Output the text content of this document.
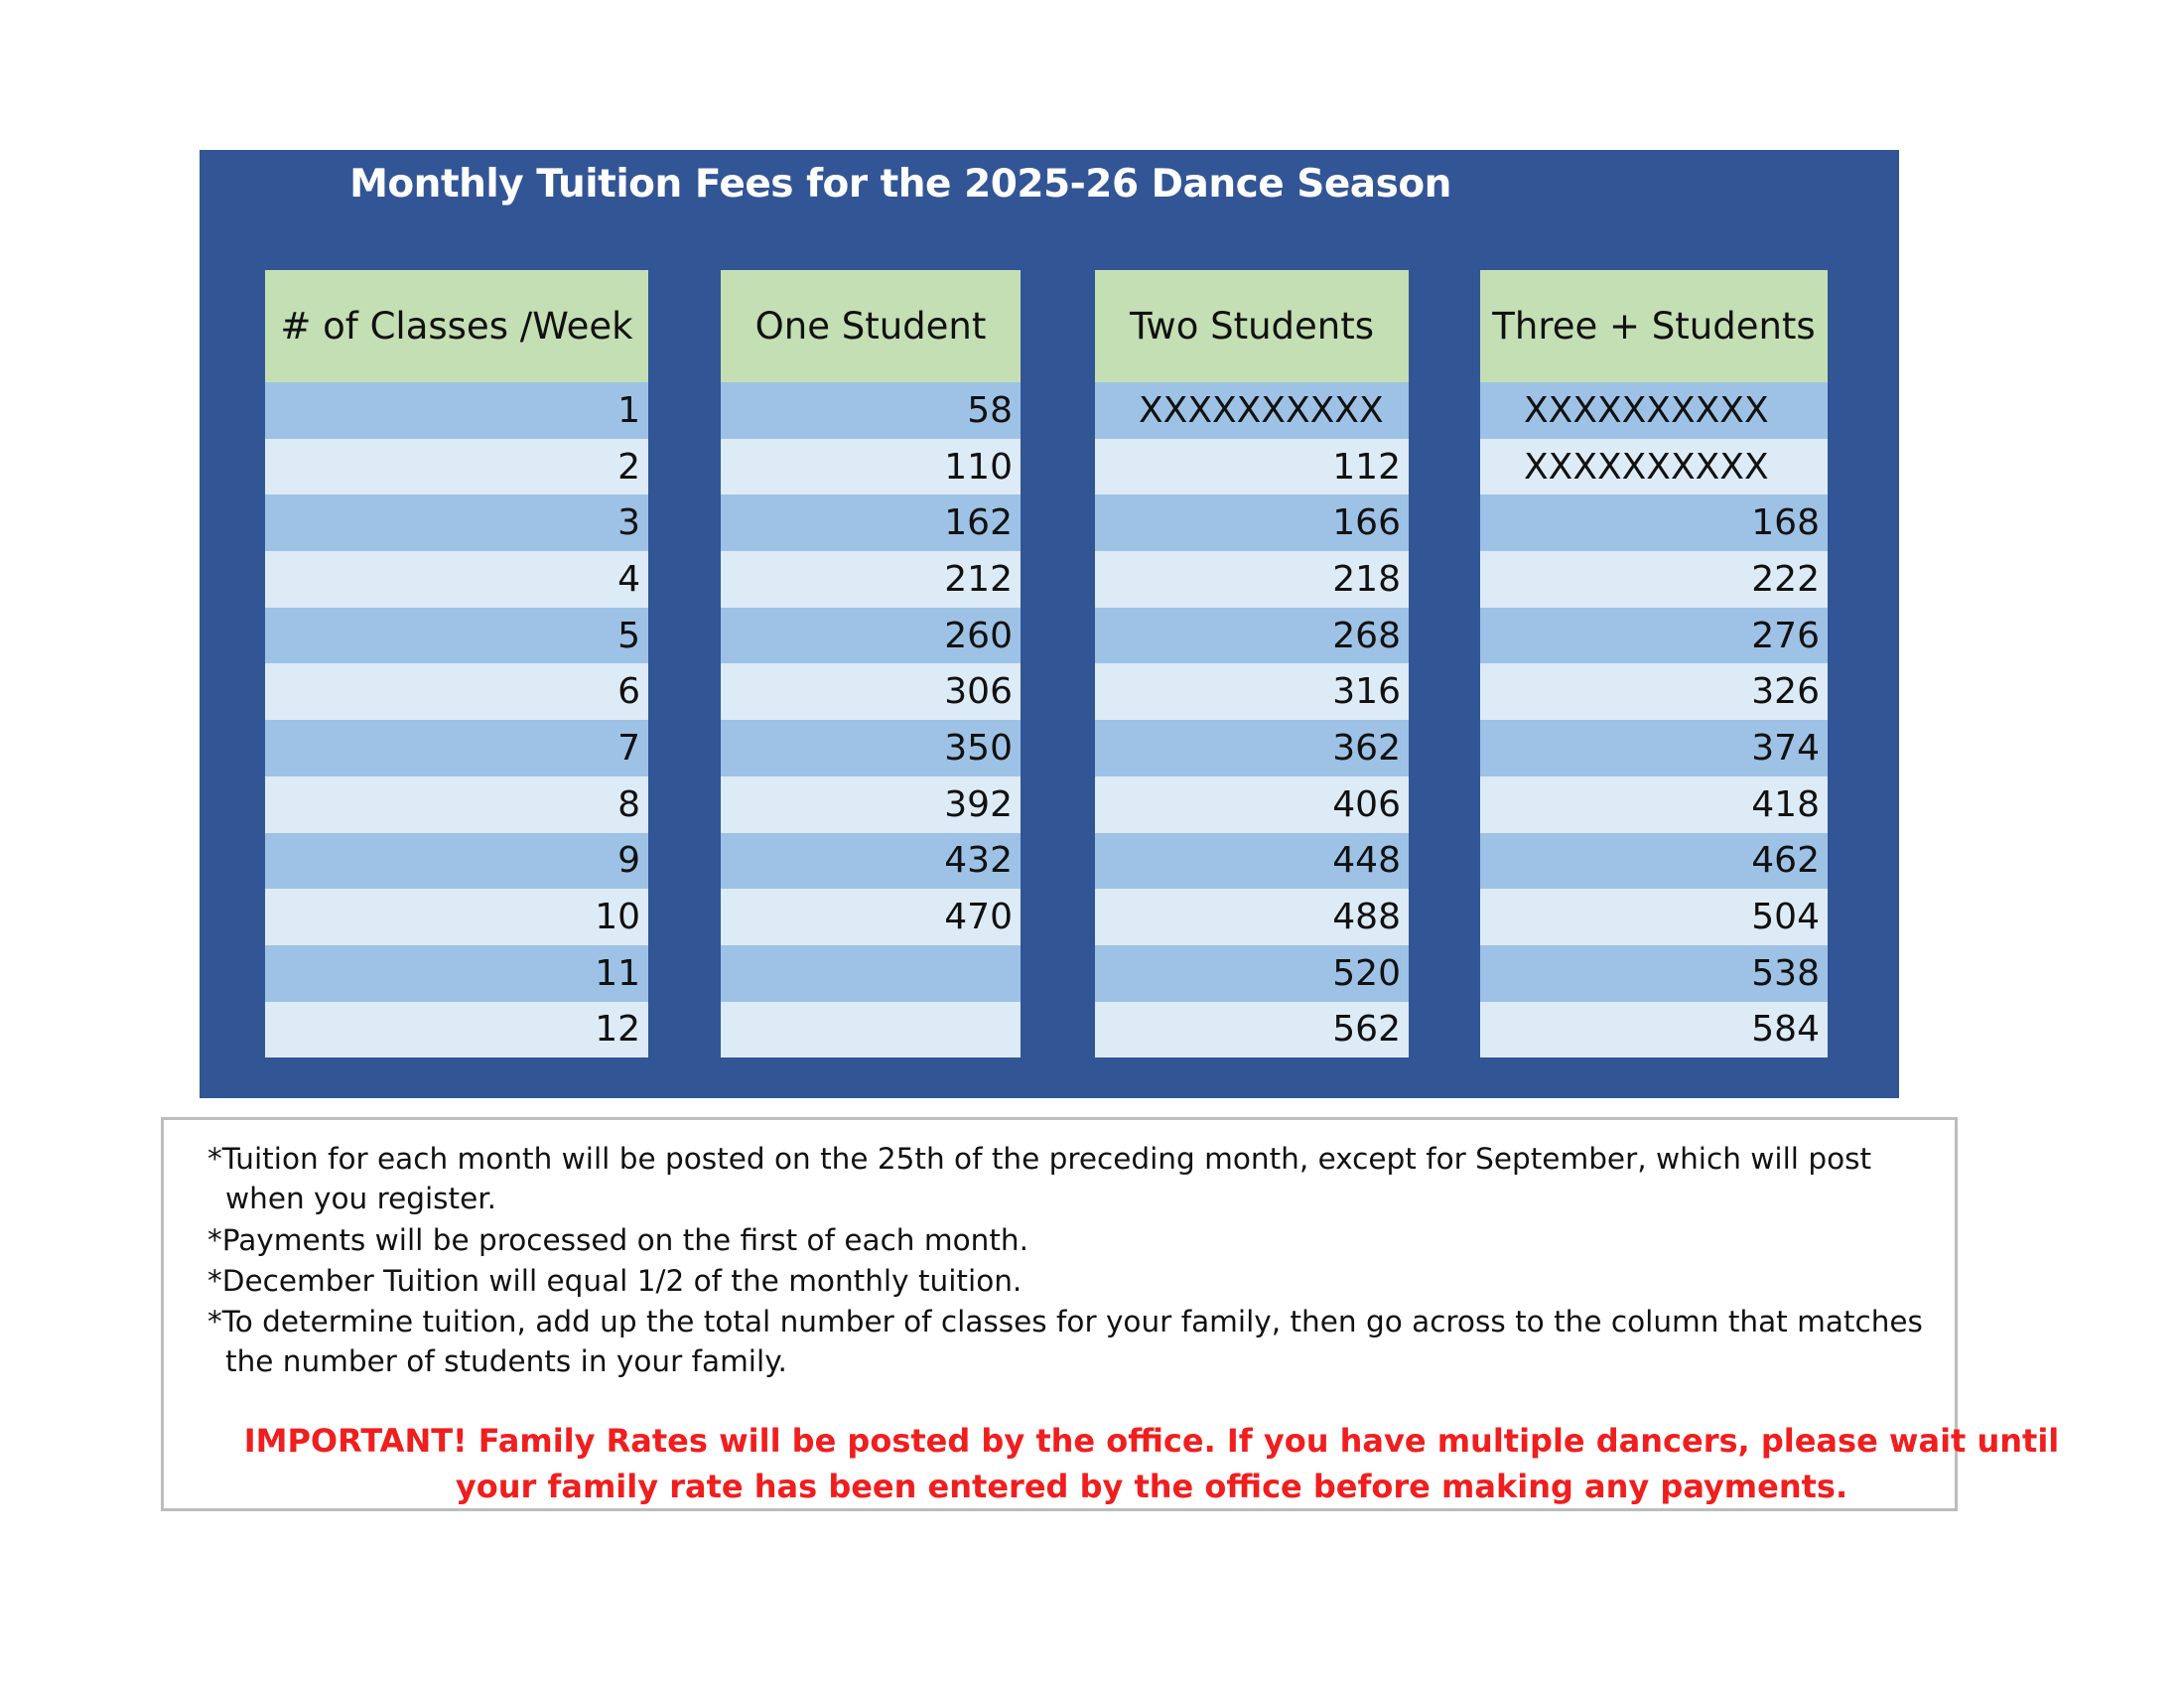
Monthly Tuition Fees for the 2025-26 Dance Season
# of Classes /Week
1
2
3
4
5
6
7
8
9
10
11
12
One Student
58
110
162
212
260
306
350
392
432
470
Two Students
XXXXXXXXXX
112
166
218
268
316
362
406
448
488
520
562
Three + Students
XXXXXXXXXX
XXXXXXXXXX
168
222
276
326
374
418
462
504
538
584

*Tuition for each month will be posted on the 25th of the preceding month, except for September, which will post
when you register.

*Payments will be processed on the first of each month.

*December Tuition will equal 1/2 of the monthly tuition.

*To determine tuition, add up the total number of classes for your family, then go across to the column that matches
the number of students in your family.

IMPORTANT! Family Rates will be posted by the office. If you have multiple dancers, please wait until
your family rate has been entered by the office before making any payments.
